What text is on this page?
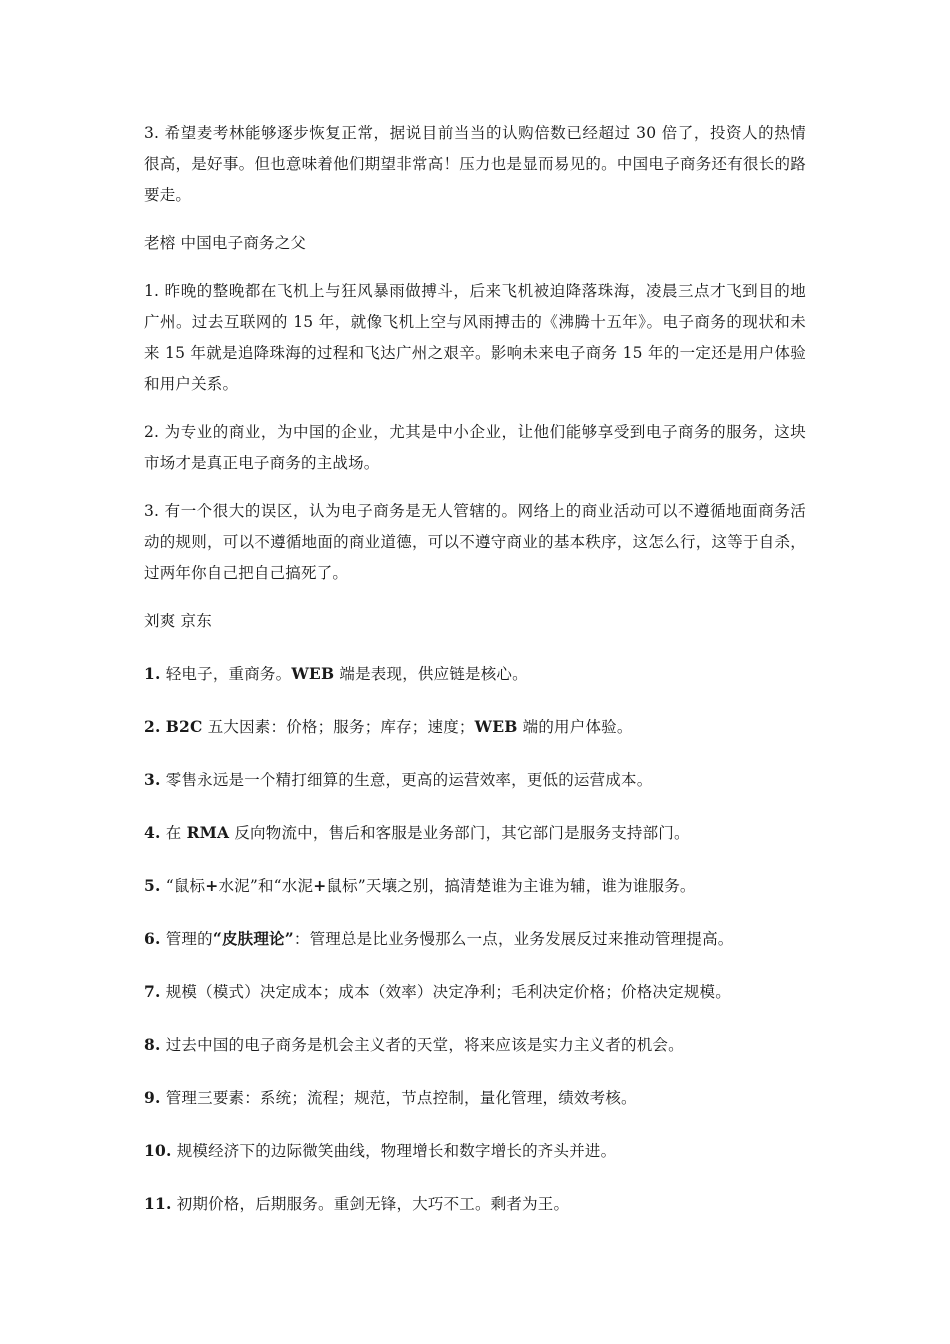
3. 希望麦考林能够逐步恢复正常，据说目前当当的认购倍数已经超过 30 倍了，投资人的热情很高，是好事。但也意味着他们期望非常高！压力也是显而易见的。中国电子商务还有很长的路要走。

老榕 中国电子商务之父

1. 昨晚的整晚都在飞机上与狂风暴雨做搏斗，后来飞机被迫降落珠海，凌晨三点才飞到目的地广州。过去互联网的 15 年，就像飞机上空与风雨搏击的《沸腾十五年》。电子商务的现状和未来 15 年就是追降珠海的过程和飞达广州之艰辛。影响未来电子商务 15 年的一定还是用户体验和用户关系。

2. 为专业的商业，为中国的企业，尤其是中小企业，让他们能够享受到电子商务的服务，这块市场才是真正电子商务的主战场。

3. 有一个很大的误区，认为电子商务是无人管辖的。网络上的商业活动可以不遵循地面商务活动的规则，可以不遵循地面的商业道德，可以不遵守商业的基本秩序，这怎么行，这等于自杀，过两年你自己把自己搞死了。

刘爽 京东

1. 轻电子，重商务。WEB 端是表现，供应链是核心。

2. B2C 五大因素：价格；服务；库存；速度；WEB 端的用户体验。

3. 零售永远是一个精打细算的生意，更高的运营效率，更低的运营成本。

4. 在 RMA 反向物流中，售后和客服是业务部门，其它部门是服务支持部门。

5. “鼠标+水泥”和“水泥+鼠标”天壤之别，搞清楚谁为主谁为辅，谁为谁服务。

6. 管理的“皮肤理论”：管理总是比业务慢那么一点，业务发展反过来推动管理提高。

7. 规模（模式）决定成本；成本（效率）决定净利；毛利决定价格；价格决定规模。

8. 过去中国的电子商务是机会主义者的天堂，将来应该是实力主义者的机会。

9. 管理三要素：系统；流程；规范，节点控制，量化管理，绩效考核。

10. 规模经济下的边际微笑曲线，物理增长和数字增长的齐头并进。

11. 初期价格，后期服务。重剑无锋，大巧不工。剩者为王。
